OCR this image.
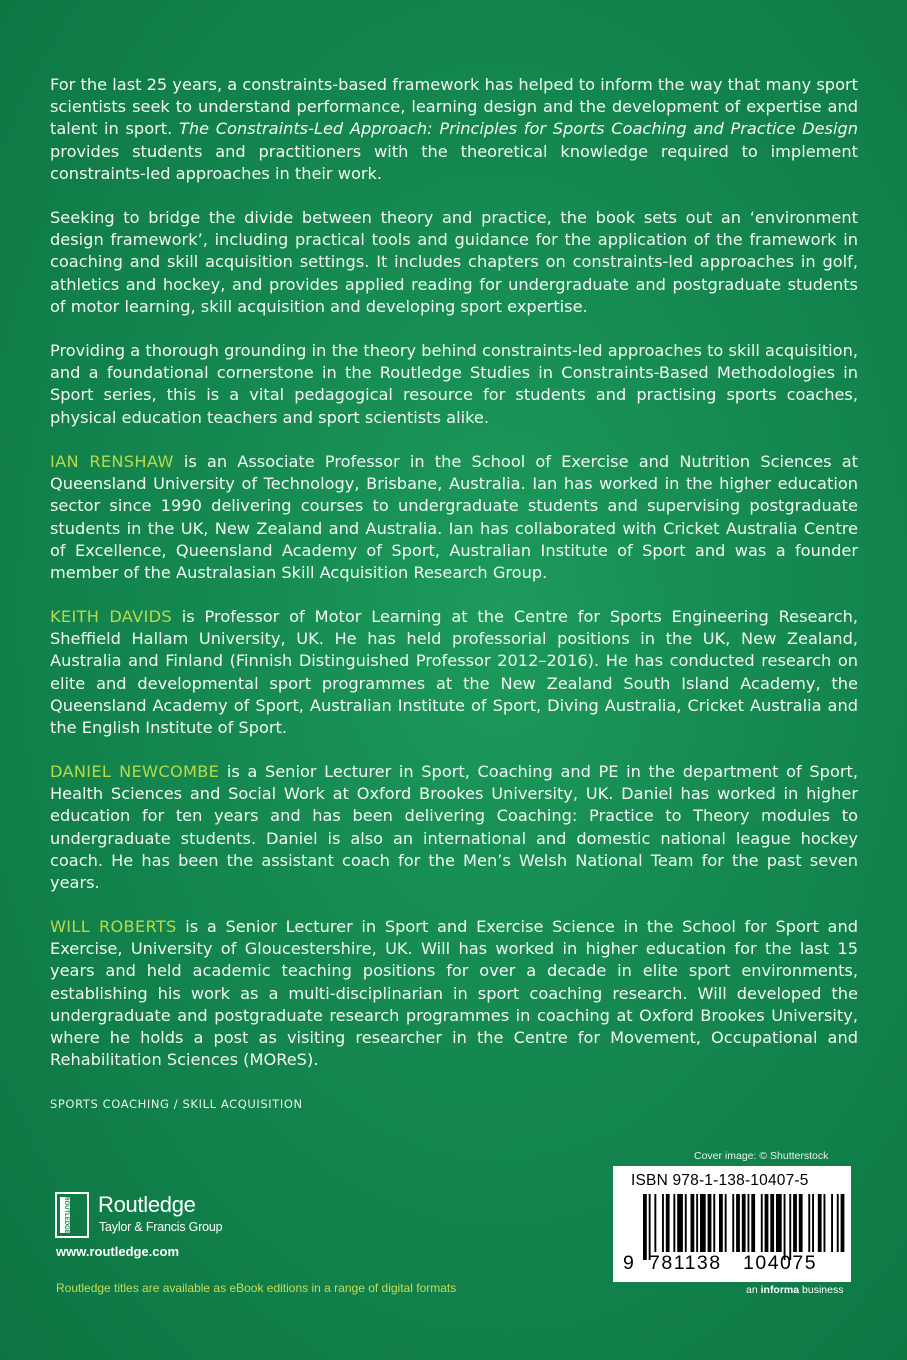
For the last 25 years, a constraints-based framework has helped to inform the way that many sport scientists seek to understand performance, learning design and the development of expertise and talent in sport. The Constraints-Led Approach: Principles for Sports Coaching and Practice Design provides students and practitioners with the theoretical knowledge required to implement constraints-led approaches in their work.

Seeking to bridge the divide between theory and practice, the book sets out an ‘environment design framework’, including practical tools and guidance for the application of the framework in coaching and skill acquisition settings. It includes chapters on constraints-led approaches in golf, athletics and hockey, and provides applied reading for undergraduate and postgraduate students of motor learning, skill acquisition and developing sport expertise.

Providing a thorough grounding in the theory behind constraints-led approaches to skill acquisition, and a foundational cornerstone in the Routledge Studies in Constraints-Based Methodologies in Sport series, this is a vital pedagogical resource for students and practising sports coaches, physical education teachers and sport scientists alike.

IAN RENSHAW is an Associate Professor in the School of Exercise and Nutrition Sciences at Queensland University of Technology, Brisbane, Australia. Ian has worked in the higher education sector since 1990 delivering courses to undergraduate students and supervising postgraduate students in the UK, New Zealand and Australia. Ian has collaborated with Cricket Australia Centre of Excellence, Queensland Academy of Sport, Australian Institute of Sport and was a founder member of the Australasian Skill Acquisition Research Group.

KEITH DAVIDS is Professor of Motor Learning at the Centre for Sports Engineering Research, Sheffield Hallam University, UK. He has held professorial positions in the UK, New Zealand, Australia and Finland (Finnish Distinguished Professor 2012–2016). He has conducted research on elite and developmental sport programmes at the New Zealand South Island Academy, the Queensland Academy of Sport, Australian Institute of Sport, Diving Australia, Cricket Australia and the English Institute of Sport.

DANIEL NEWCOMBE is a Senior Lecturer in Sport, Coaching and PE in the department of Sport, Health Sciences and Social Work at Oxford Brookes University, UK. Daniel has worked in higher education for ten years and has been delivering Coaching: Practice to Theory modules to undergraduate students. Daniel is also an international and domestic national league hockey coach. He has been the assistant coach for the Men’s Welsh National Team for the past seven years.

WILL ROBERTS is a Senior Lecturer in Sport and Exercise Science in the School for Sport and Exercise, University of Gloucestershire, UK. Will has worked in higher education for the last 15 years and held academic teaching positions for over a decade in elite sport environments, establishing his work as a multi-disciplinarian in sport coaching research. Will developed the undergraduate and postgraduate research programmes in coaching at Oxford Brookes University, where he holds a post as visiting researcher in the Centre for Movement, Occupational and Rehabilitation Sciences (MOReS).

SPORTS COACHING / SKILL ACQUISITION
ROUTLEDGE Routledge
Taylor & Francis Group
www.routledge.com
Routledge titles are available as eBook editions in a range of digital formats
Cover image: © Shutterstock
ISBN 978-1-138-10407-5
9 781138 104075
an informa business
